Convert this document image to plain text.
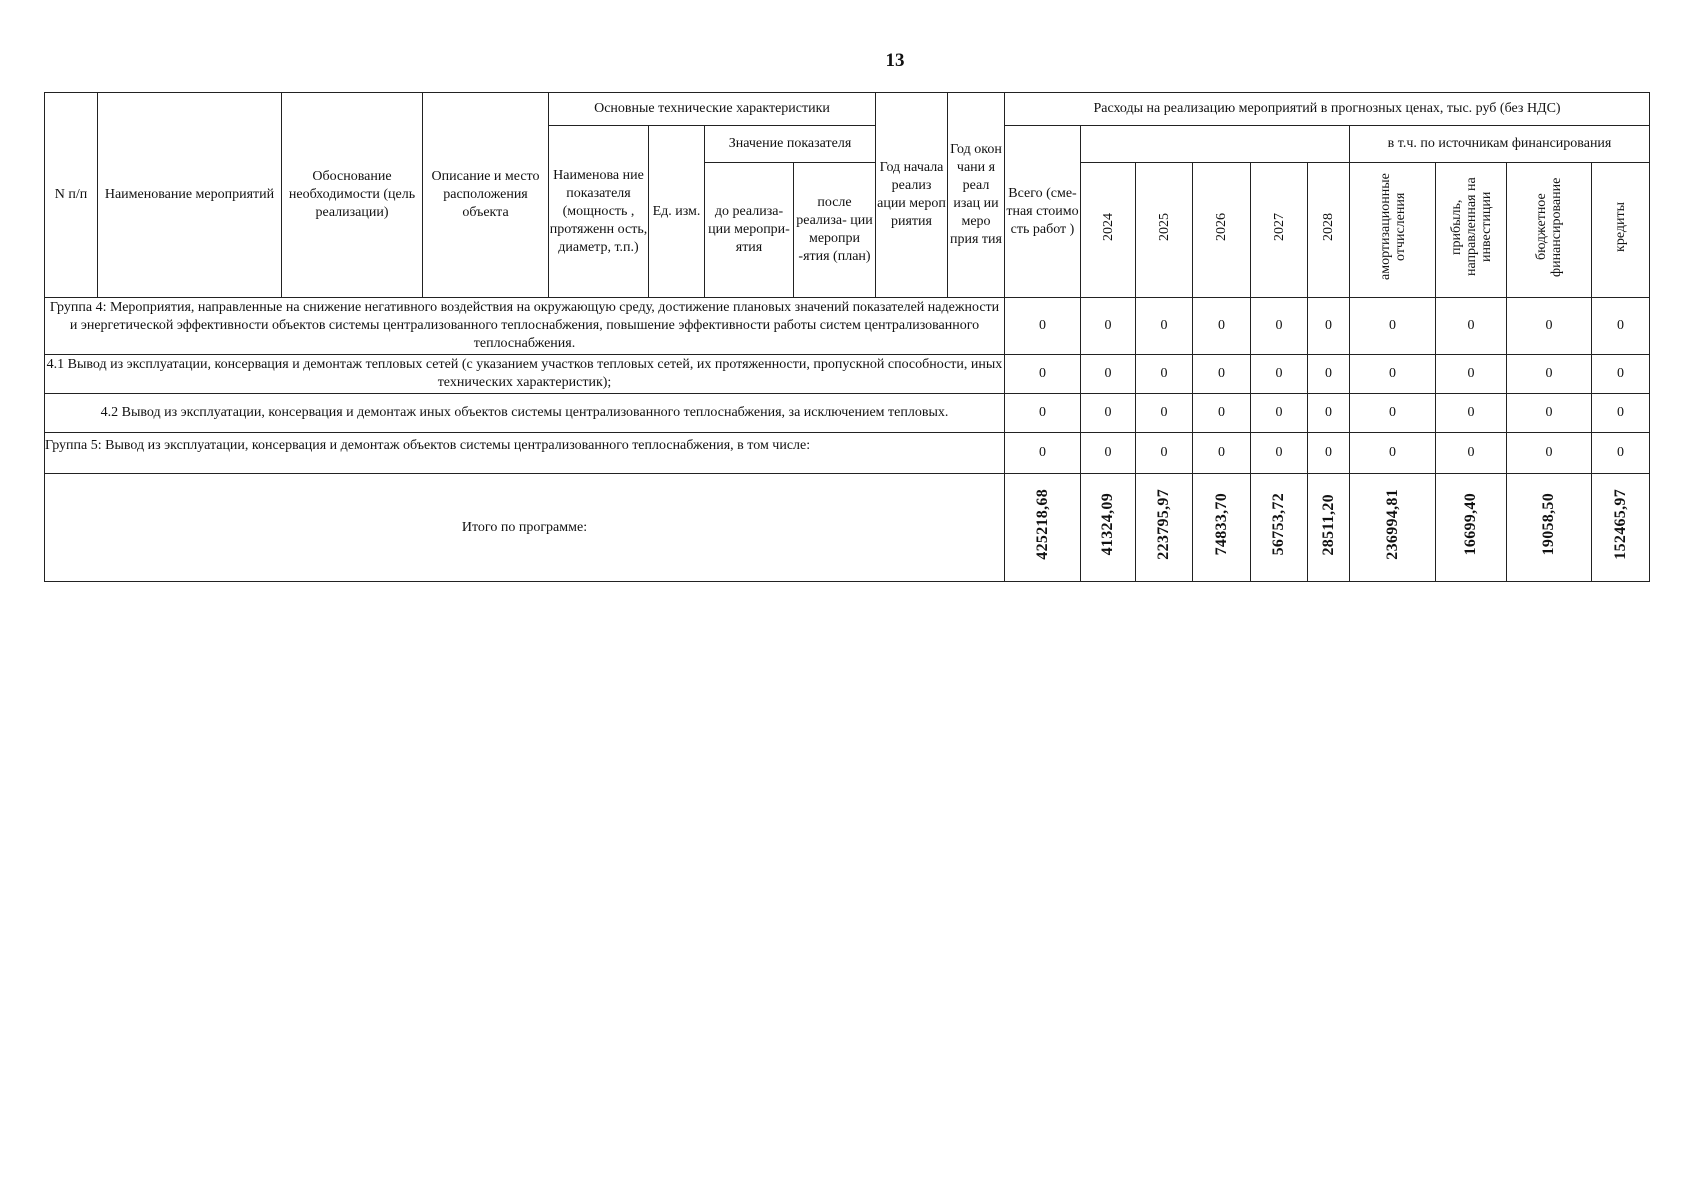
13
N п/п	Наименование мероприятий	Обоснование необходимости (цель реализации)	Описание и место расположения объекта	Основные технические характеристики				Год начала реализ ации мероп риятия	Год окон чани я реал изац ии меро прия тия	Расходы на реализацию мероприятий в прогнозных ценах, тыс. руб (без НДС)									
				Наименова ние показателя (мощность , протяженн ость, диаметр, т.п.)	Ед. изм.	Значение показателя				Всего (сме- тная стоимо сть работ )						в т.ч. по источникам финансирования			

						до реализа- ции меропри- ятия	после реализа- ции меропри -ятия (план)				2024	2025	2026	2027	2028	амортизационные отчисления	прибыль, направленная на инвестиции	бюджетное финансирование	кредиты
Группа 4: Мероприятия, направленные на снижение негативного воздействия на окружающую среду, достижение плановых значений показателей надежности и энергетической эффективности объектов системы централизованного теплоснабжения, повышение эффективности работы систем централизованного теплоснабжения.										0	0	0	0	0	0	0	0	0	0
4.1 Вывод из эксплуатации, консервация и демонтаж тепловых сетей (с указанием участков тепловых сетей, их протяженности, пропускной способности, иных технических характеристик);										0	0	0	0	0	0	0	0	0	0
4.2 Вывод из эксплуатации, консервация и демонтаж иных объектов системы централизованного теплоснабжения, за исключением тепловых.										0	0	0	0	0	0	0	0	0	0
Группа 5: Вывод из эксплуатации, консервация и демонтаж объектов системы централизованного теплоснабжения, в том числе:										0	0	0	0	0	0	0	0	0	0
Итого по программе:										425218,68	41324,09	223795,97	74833,70	56753,72	28511,20	236994,81	16699,40	19058,50	152465,97
